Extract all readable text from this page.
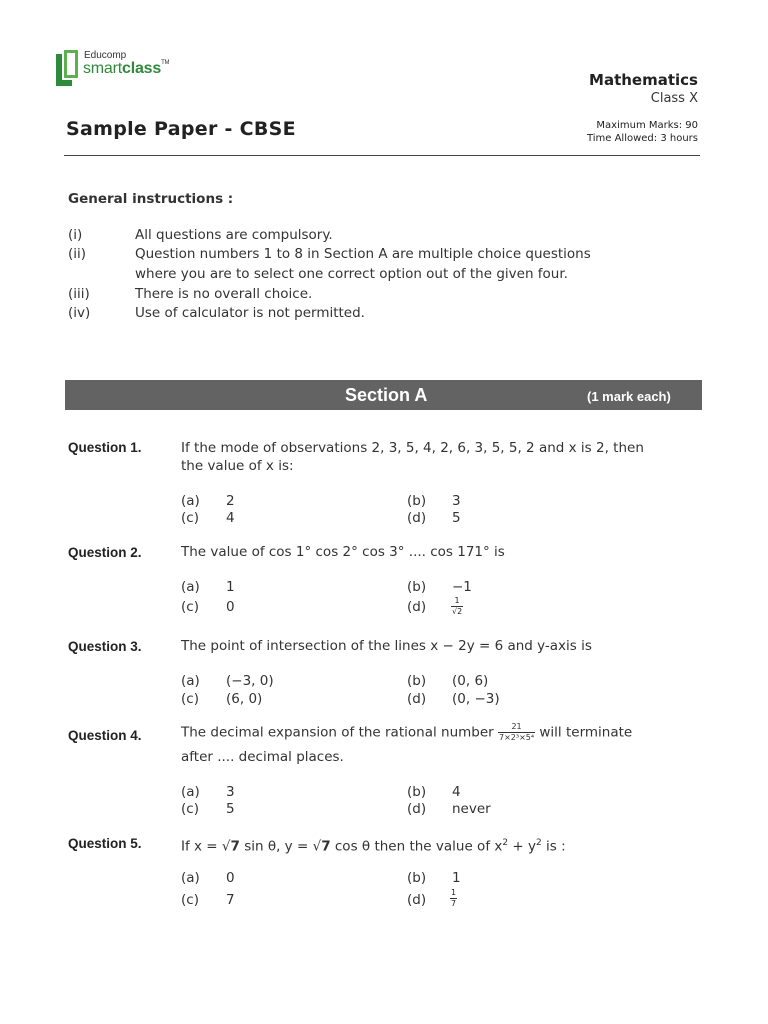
Educomp
smartclass™
Mathematics
Class X
Sample Paper - CBSE	Maximum Marks: 90
Time Allowed: 3 hours
General instructions :
(i)	All questions are compulsory.
(ii)	Question numbers 1 to 8 in Section A are multiple choice questions
where you are to select one correct option out of the given four.
(iii)	There is no overall choice.
(iv)	Use of calculator is not permitted.
Section A	(1 mark each)
Question 1.	If the mode of observations 2, 3, 5, 4, 2, 6, 3, 5, 5, 2 and x is 2, then
the value of x is:
(a) 2	(b) 3
(c) 4	(d) 5
Question 2.	The value of cos 1° cos 2° cos 3° .... cos 171° is
(a) 1	(b) −1
(c) 0	(d)	$\frac{1}{√2}$
Question 3.	The point of intersection of the lines x − 2y = 6 and y-axis is
(a) (−3, 0)	(b) (0, 6)
(c) (6, 0)	(d) (0, −3)
Question 4.	The decimal expansion of the rational number $\frac{21}{\text{7×2³×5⁴}}$ will terminate
after .... decimal places.
(a) 3	(b) 4
(c) 5	(d) never
Question 5.	If x = √7 sin θ, y = √7 cos θ then the value of $x^2 + y^2$ is :
(a) 0	(b) 1
(c) 7	(d)	$\frac{1}{7}$
